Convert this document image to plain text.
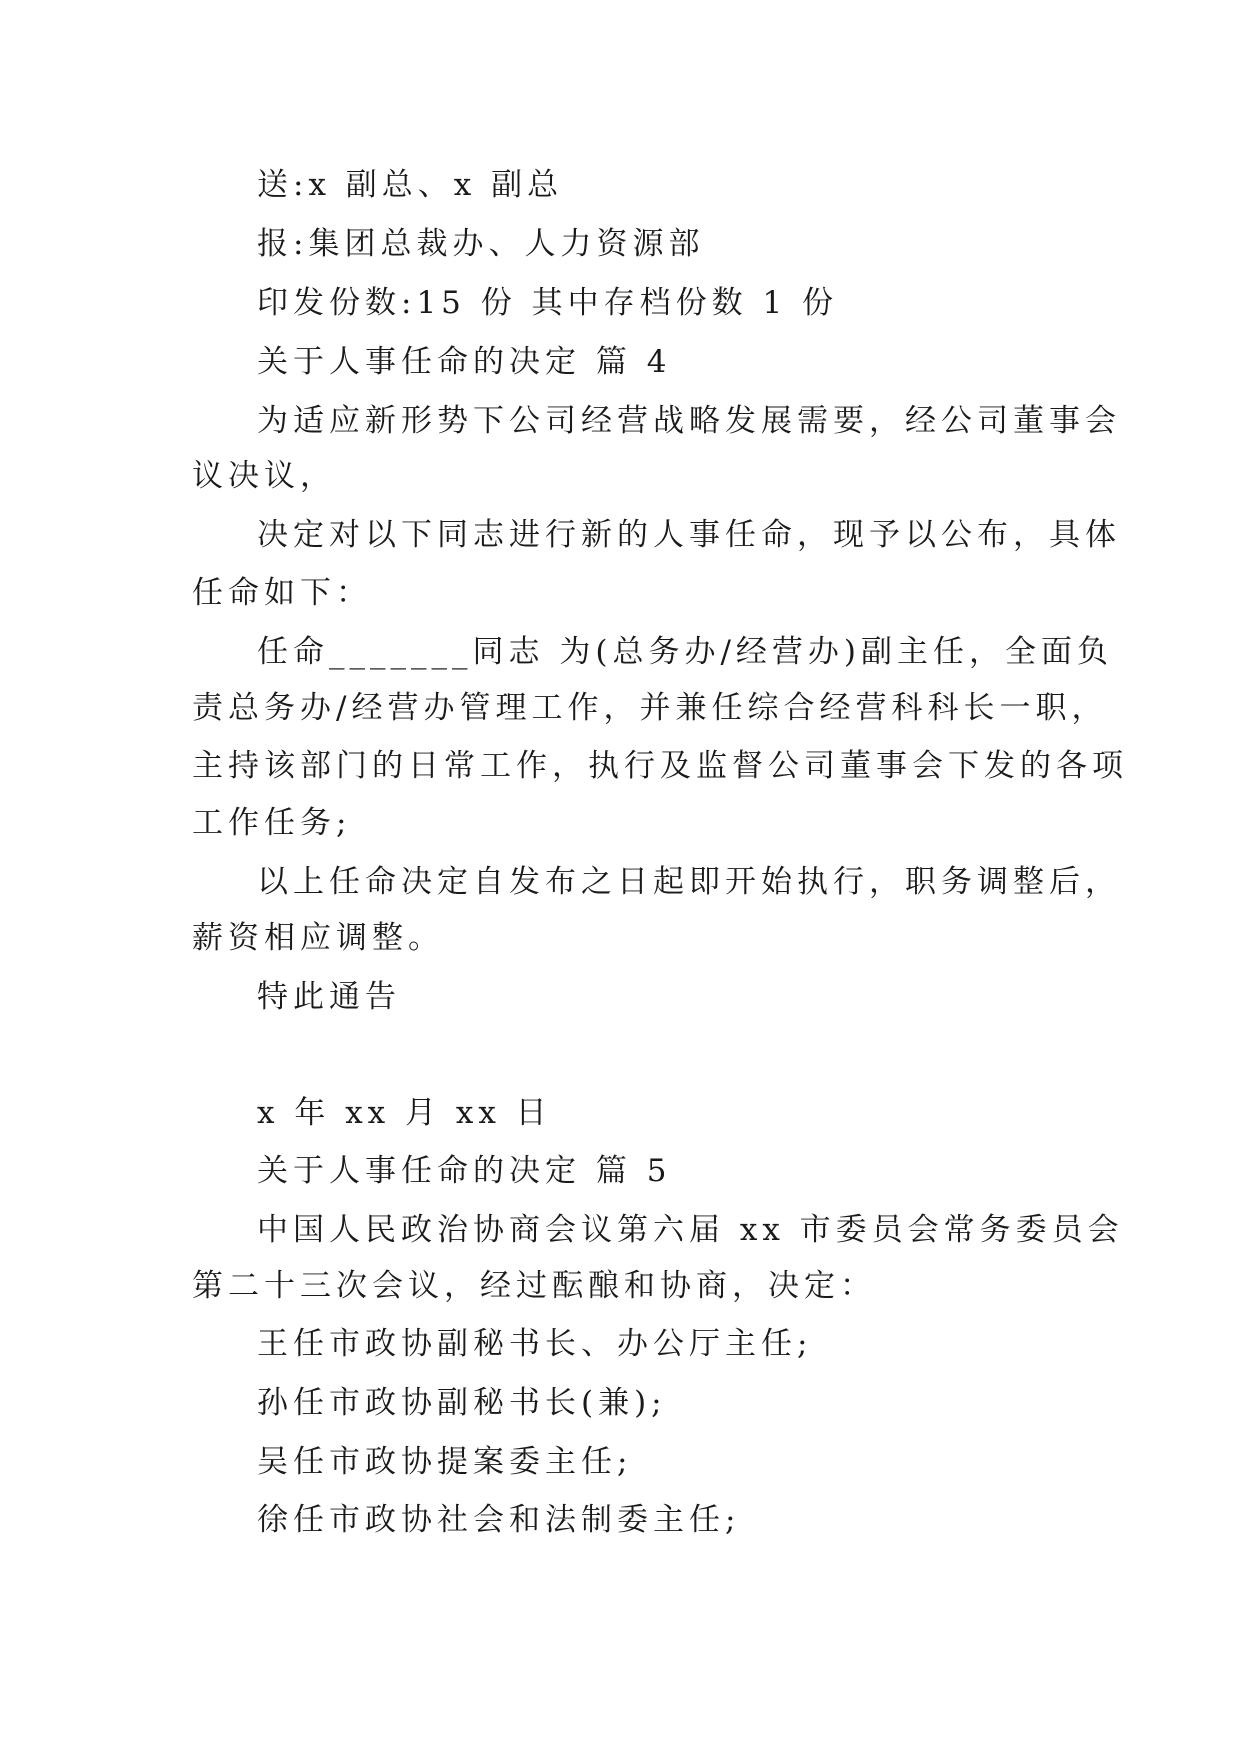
送:x 副总、x 副总

报:集团总裁办、人力资源部

印发份数:15 份 其中存档份数 1 份

关于人事任命的决定 篇 4

为适应新形势下公司经营战略发展需要，经公司董事会

议决议，

决定对以下同志进行新的人事任命，现予以公布，具体

任命如下：

任命_______同志 为(总务办/经营办)副主任，全面负

责总务办/经营办管理工作，并兼任综合经营科科长一职，

主持该部门的日常工作，执行及监督公司董事会下发的各项

工作任务;

以上任命决定自发布之日起即开始执行，职务调整后，

薪资相应调整。

特此通告

x 年 xx 月 xx 日

关于人事任命的决定 篇 5

中国人民政治协商会议第六届 xx 市委员会常务委员会

第二十三次会议，经过酝酿和协商，决定：

王任市政协副秘书长、办公厅主任;

孙任市政协副秘书长(兼);

吴任市政协提案委主任;

徐任市政协社会和法制委主任;
